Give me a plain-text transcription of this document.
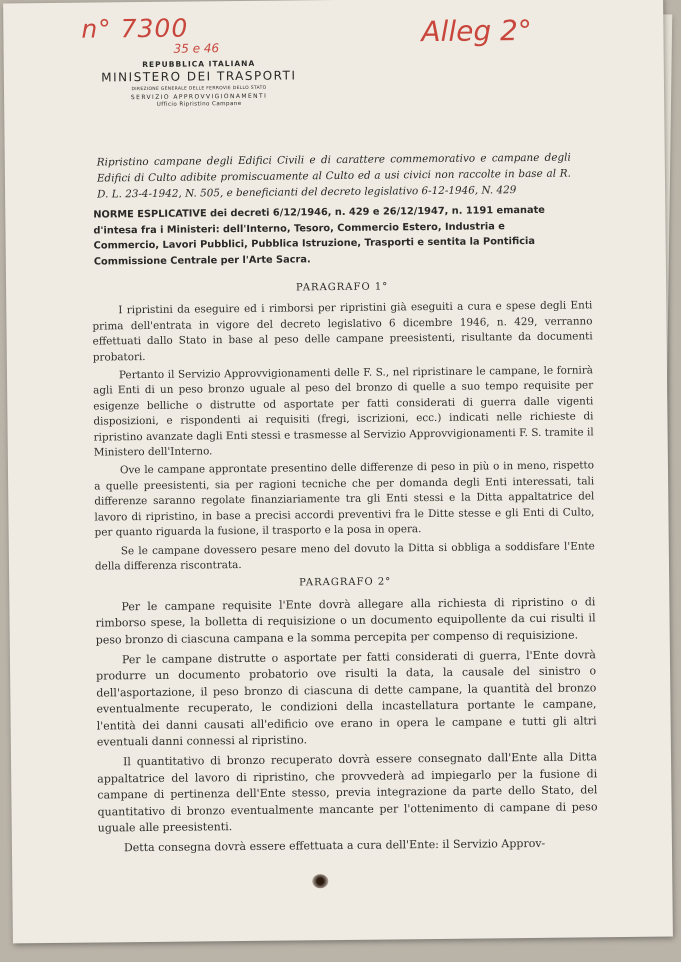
n° 7300
35 e 46
Alleg 2°
REPUBBLICA ITALIANA
MINISTERO DEI TRASPORTI
DIREZIONE GENERALE DELLE FERROVIE DELLO STATO
SERVIZIO APPROVVIGIONAMENTI
Ufficio Ripristino Campane
Ripristino campane degli Edifici Civili e di carattere commemorativo e campane degli Edifici di Culto adibite promiscuamente al Culto ed a usi civici non raccolte in base al R. D. L. 23-4-1942, N. 505, e beneficianti del decreto legislativo 6-12-1946, N. 429
NORME ESPLICATIVE dei decreti 6/12/1946, n. 429 e 26/12/1947, n. 1191 emanate d'intesa fra i Ministeri: dell'Interno, Tesoro, Commercio Estero, Industria e Commercio, Lavori Pubblici, Pubblica Istruzione, Trasporti e sentita la Pontificia Commissione Centrale per l'Arte Sacra.
PARAGRAFO 1°

I ripristini da eseguire ed i rimborsi per ripristini già eseguiti a cura e spese degli Enti prima dell'entrata in vigore del decreto legislativo 6 dicembre 1946, n. 429, verranno effettuati dallo Stato in base al peso delle campane preesistenti, risultante da documenti probatori.

Pertanto il Servizio Approvvigionamenti delle F. S., nel ripristinare le campane, le fornirà agli Enti di un peso bronzo uguale al peso del bronzo di quelle a suo tempo requisite per esigenze belliche o distrutte od asportate per fatti considerati di guerra dalle vigenti disposizioni, e rispondenti ai requisiti (fregi, iscrizioni, ecc.) indicati nelle richieste di ripristino avanzate dagli Enti stessi e trasmesse al Servizio Approvvigionamenti F. S. tramite il Ministero dell'Interno.

Ove le campane approntate presentino delle differenze di peso in più o in meno, rispetto a quelle preesistenti, sia per ragioni tecniche che per domanda degli Enti interessati, tali differenze saranno regolate finanziariamente tra gli Enti stessi e la Ditta appaltatrice del lavoro di ripristino, in base a precisi accordi preventivi fra le Ditte stesse e gli Enti di Culto, per quanto riguarda la fusione, il trasporto e la posa in opera.

Se le campane dovessero pesare meno del dovuto la Ditta si obbliga a soddisfare l'Ente della differenza riscontrata.

PARAGRAFO 2°

Per le campane requisite l'Ente dovrà allegare alla richiesta di ripristino o di rimborso spese, la bolletta di requisizione o un documento equipollente da cui risulti il peso bronzo di ciascuna campana e la somma percepita per compenso di requisizione.

Per le campane distrutte o asportate per fatti considerati di guerra, l'Ente dovrà produrre un documento probatorio ove risulti la data, la causale del sinistro o dell'asportazione, il peso bronzo di ciascuna di dette campane, la quantità del bronzo eventualmente recuperato, le condizioni della incastellatura portante le campane, l'entità dei danni causati all'edificio ove erano in opera le campane e tutti gli altri eventuali danni connessi al ripristino.

Il quantitativo di bronzo recuperato dovrà essere consegnato dall'Ente alla Ditta appaltatrice del lavoro di ripristino, che provvederà ad impiegarlo per la fusione di campane di pertinenza dell'Ente stesso, previa integrazione da parte dello Stato, del quantitativo di bronzo eventualmente mancante per l'ottenimento di campane di peso uguale alle preesistenti.

Detta consegna dovrà essere effettuata a cura dell'Ente: il Servizio Approv-
